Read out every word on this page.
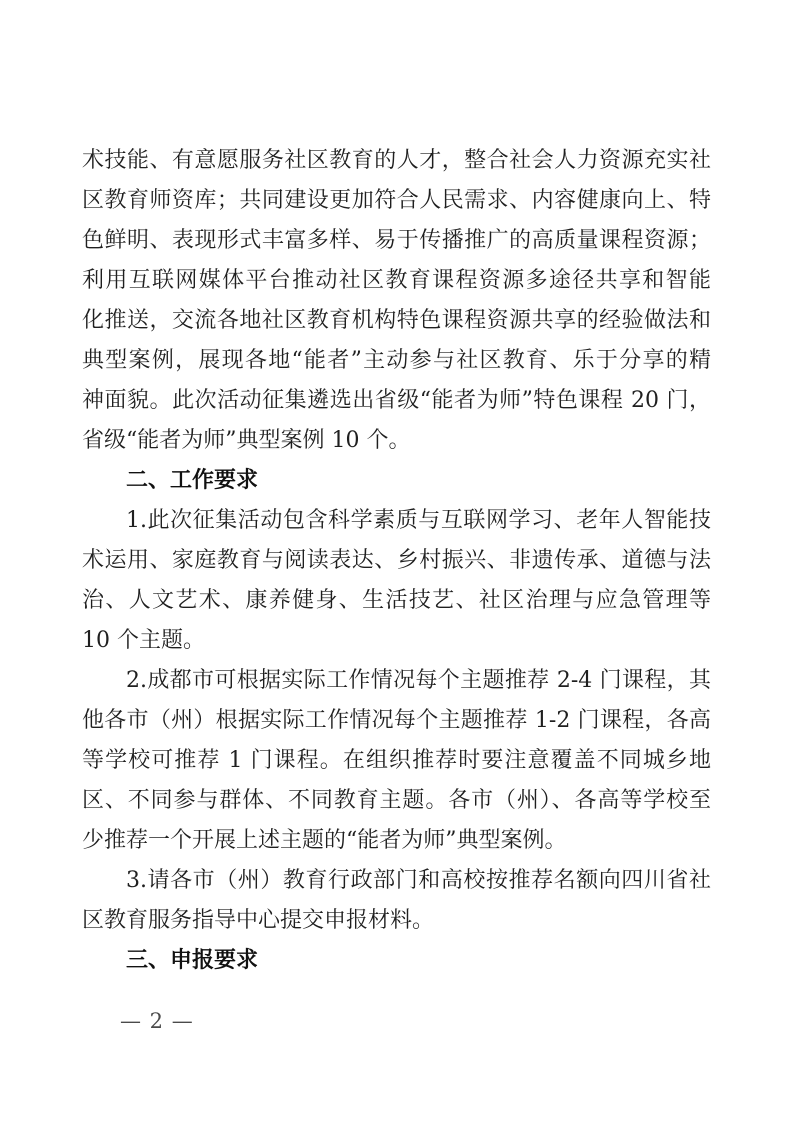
术技能、有意愿服务社区教育的人才，整合社会人力资源充实社
区教育师资库；共同建设更加符合人民需求、内容健康向上、特
色鲜明、表现形式丰富多样、易于传播推广的高质量课程资源；
利用互联网媒体平台推动社区教育课程资源多途径共享和智能
化推送，交流各地社区教育机构特色课程资源共享的经验做法和
典型案例，展现各地“能者”主动参与社区教育、乐于分享的精
神面貌。此次活动征集遴选出省级“能者为师”特色课程 20 门，
省级“能者为师”典型案例 10 个。
二、工作要求
1.此次征集活动包含科学素质与互联网学习、老年人智能技
术运用、家庭教育与阅读表达、乡村振兴、非遗传承、道德与法
治、人文艺术、康养健身、生活技艺、社区治理与应急管理等
10 个主题。
2.成都市可根据实际工作情况每个主题推荐 2-4 门课程，其
他各市（州）根据实际工作情况每个主题推荐 1-2 门课程，各高
等学校可推荐 1 门课程。在组织推荐时要注意覆盖不同城乡地
区、不同参与群体、不同教育主题。各市（州）、各高等学校至
少推荐一个开展上述主题的“能者为师”典型案例。
3.请各市（州）教育行政部门和高校按推荐名额向四川省社
区教育服务指导中心提交申报材料。
三、申报要求
— 2 —
